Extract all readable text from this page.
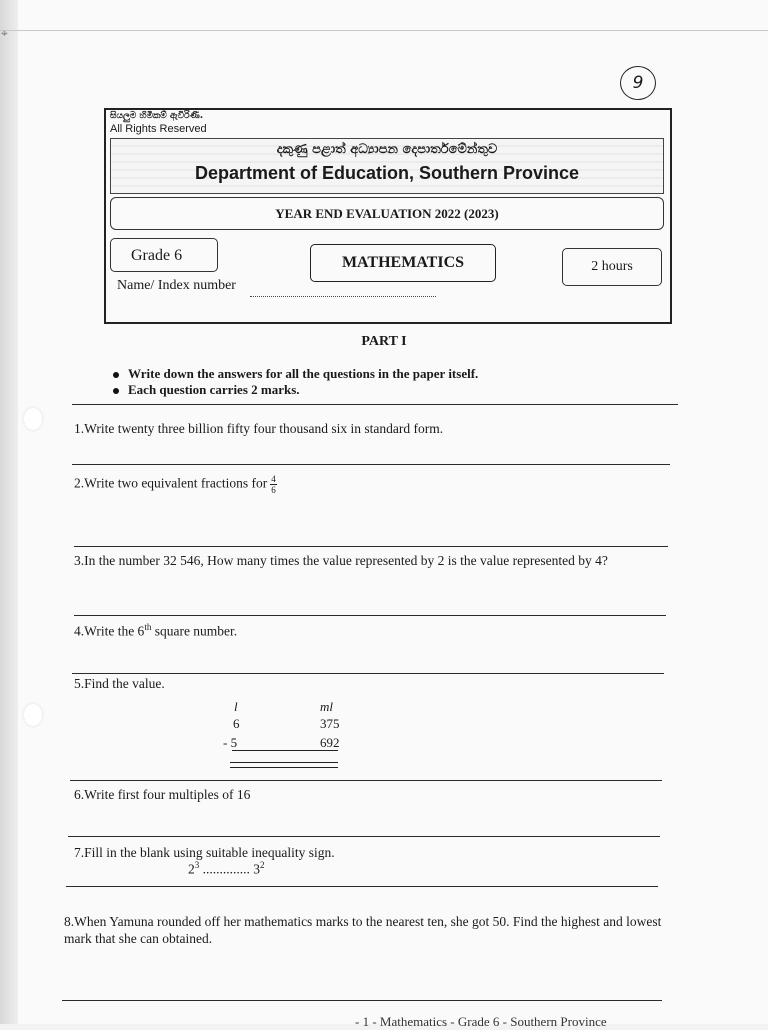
⌖
9
සියලුම හිමිකම් ඇවිරිණි.
All Rights Reserved
දකුණු පළාත් අධ්‍යාපන දෙපාර්තමේන්තුව
Department of Education, Southern Province
YEAR END EVALUATION 2022 (2023)
Grade 6	MATHEMATICS	2 hours
Name/ Index number
PART I
Write down the answers for all the questions in the paper itself.
Each question carries 2 marks.
1.Write twenty three billion fifty four thousand six in standard form.
2.Write two equivalent fractions for $\frac{4}{6}$
3.In the number 32 546, How many times the value represented by 2 is the value represented by 4?
4.Write the 6th square number.
5.Find the value.
l	ml
6	375
- 5	692
6.Write first four multiples of 16
7.Fill in the blank using suitable inequality sign.
$2^3$ .............. $3^2$
8.When Yamuna rounded off her mathematics marks to the nearest ten, she got 50. Find the highest and lowest mark that she can obtained.
- 1 - Mathematics - Grade 6 - Southern Province
